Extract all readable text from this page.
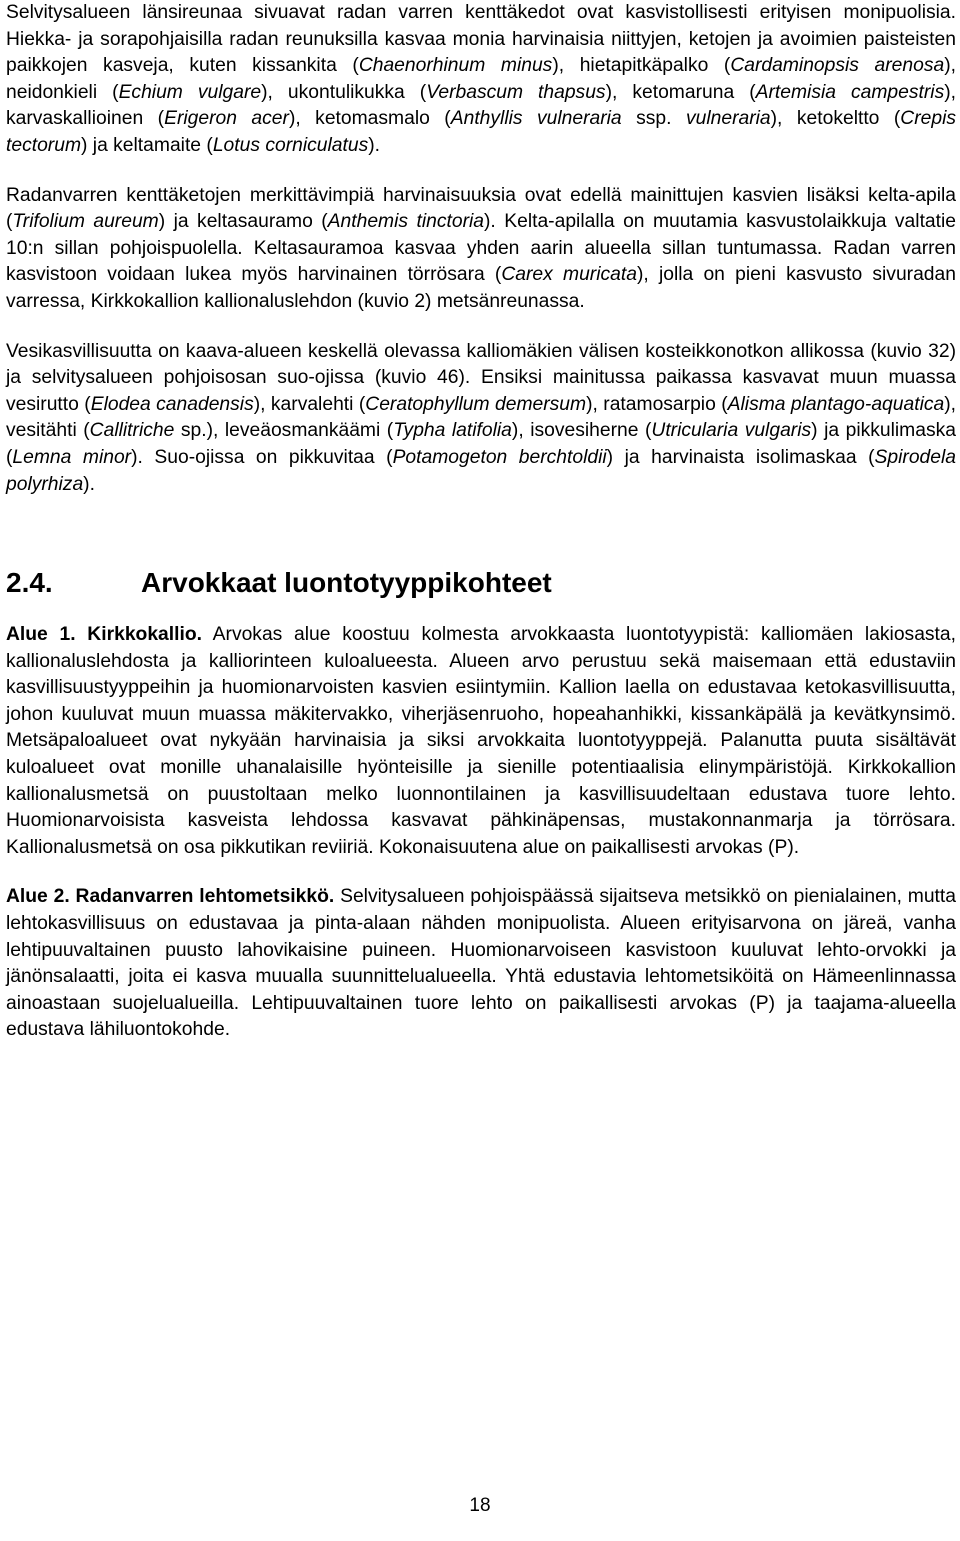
Selvitysalueen länsireunaa sivuavat radan varren kenttäkedot ovat kasvistollisesti erityisen monipuolisia. Hiekka- ja sorapohjaisilla radan reunuksilla kasvaa monia harvinaisia niittyjen, ketojen ja avoimien paisteisten paikkojen kasveja, kuten kissankita (Chaenorhinum minus), hietapitkäpalko (Cardaminopsis arenosa), neidonkieli (Echium vulgare), ukontulikukka (Verbascum thapsus), ketomaruna (Artemisia campestris), karvaskallioinen (Erigeron acer), ketomasmalo (Anthyllis vulneraria ssp. vulneraria), ketokeltto (Crepis tectorum) ja keltamaite (Lotus corniculatus).

Radanvarren kenttäketojen merkittävimpiä harvinaisuuksia ovat edellä mainittujen kasvien lisäksi kelta-apila (Trifolium aureum) ja keltasauramo (Anthemis tinctoria). Kelta-apilalla on muutamia kasvustolaikkuja valtatie 10:n sillan pohjoispuolella. Keltasauramoa kasvaa yhden aarin alueella sillan tuntumassa. Radan varren kasvistoon voidaan lukea myös harvinainen törrösara (Carex muricata), jolla on pieni kasvusto sivuradan varressa, Kirkkokallion kallionaluslehdon (kuvio 2) metsänreunassa.

Vesikasvillisuutta on kaava-alueen keskellä olevassa kalliomäkien välisen kosteikkonotkon allikossa (kuvio 32) ja selvitysalueen pohjoisosan suo-ojissa (kuvio 46). Ensiksi mainitussa paikassa kasvavat muun muassa vesirutto (Elodea canadensis), karvalehti (Ceratophyllum demersum), ratamosarpio (Alisma plantago-aquatica), vesitähti (Callitriche sp.), leveäosmankäämi (Typha latifolia), isovesiherne (Utricularia vulgaris) ja pikkulimaska (Lemna minor). Suo-ojissa on pikkuvitaa (Potamogeton berchtoldii) ja harvinaista isolimaskaa (Spirodela polyrhiza).

2.4.	Arvokkaat luontotyyppikohteet

Alue 1. Kirkkokallio. Arvokas alue koostuu kolmesta arvokkaasta luontotyypistä: kalliomäen lakiosasta, kallionaluslehdosta ja kalliorinteen kuloalueesta. Alueen arvo perustuu sekä maisemaan että edustaviin kasvillisuustyyppeihin ja huomionarvoisten kasvien esiintymiin. Kallion laella on edustavaa ketokasvillisuutta, johon kuuluvat muun muassa mäkitervakko, viherjäsenruoho, hopeahanhikki, kissankäpälä ja kevätkynsimö. Metsäpaloalueet ovat nykyään harvinaisia ja siksi arvokkaita luontotyyppejä. Palanutta puuta sisältävät kuloalueet ovat monille uhanalaisille hyönteisille ja sienille potentiaalisia elinympäristöjä. Kirkkokallion kallionalusmetsä on puustoltaan melko luonnontilainen ja kasvillisuudeltaan edustava tuore lehto. Huomionarvoisista kasveista lehdossa kasvavat pähkinäpensas, mustakonnanmarja ja törrösara. Kallionalusmetsä on osa pikkutikan reviiriä. Kokonaisuutena alue on paikallisesti arvokas (P).

Alue 2. Radanvarren lehtometsikkö. Selvitysalueen pohjoispäässä sijaitseva metsikkö on pienialainen, mutta lehtokasvillisuus on edustavaa ja pinta-alaan nähden monipuolista. Alueen erityisarvona on järeä, vanha lehtipuuvaltainen puusto lahovikaisine puineen. Huomionarvoiseen kasvistoon kuuluvat lehto-orvokki ja jänönsalaatti, joita ei kasva muualla suunnittelualueella. Yhtä edustavia lehtometsiköitä on Hämeenlinnassa ainoastaan suojelualueilla. Lehtipuuvaltainen tuore lehto on paikallisesti arvokas (P) ja taajama-alueella edustava lähiluontokohde.

18
